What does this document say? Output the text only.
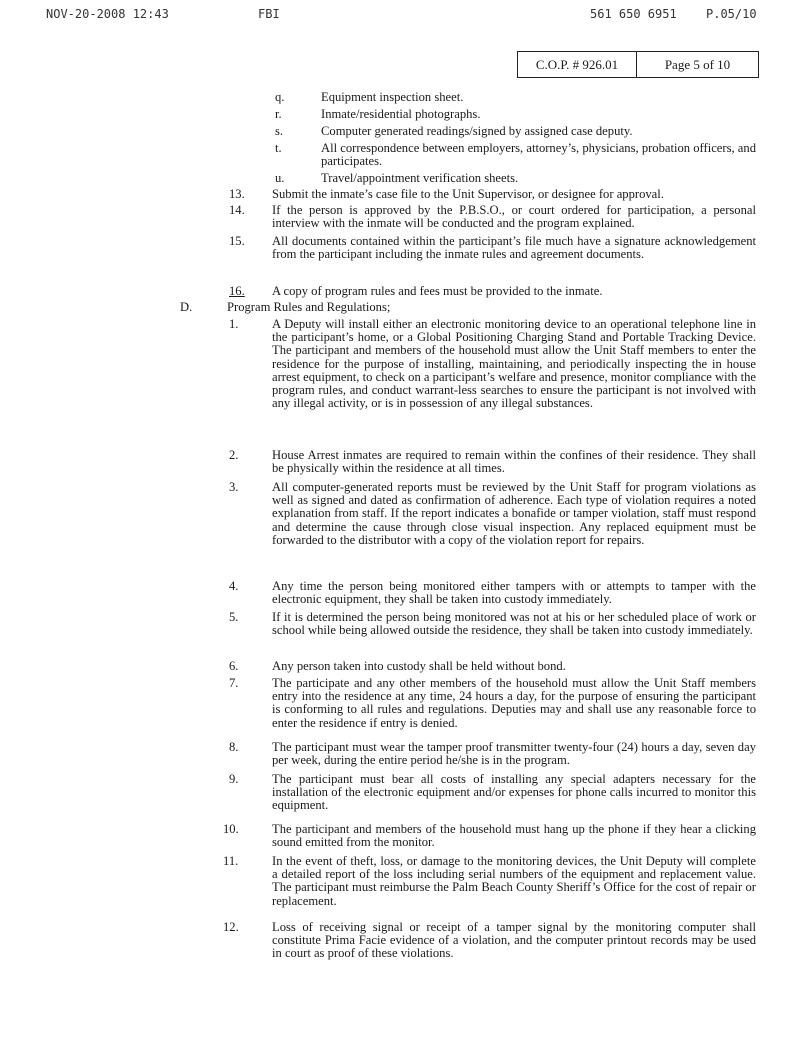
NOV-20-2008 12:43	FBI	561 650 6951 P.05/10
C.O.P. # 926.01	Page 5 of 10
q.	Equipment inspection sheet.
r.	Inmate/residential photographs.
s.	Computer generated readings/signed by assigned case deputy.
t.	All correspondence between employers, attorney’s, physicians, probation officers, and participates.
u.	Travel/appointment verification sheets.
13. Submit the inmate’s case file to the Unit Supervisor, or designee for approval.
14. If the person is approved by the P.B.S.O., or court ordered for participation, a personal interview with the inmate will be conducted and the program explained.
15. All documents contained within the participant’s file much have a signature acknowledgement from the participant including the inmate rules and agreement documents.
16. A copy of program rules and fees must be provided to the inmate.
D.	Program Rules and Regulations;
1.	A Deputy will install either an electronic monitoring device to an operational telephone line in the participant’s home, or a Global Positioning Charging Stand and Portable Tracking Device. The participant and members of the household must allow the Unit Staff members to enter the residence for the purpose of installing, maintaining, and periodically inspecting the in house arrest equipment, to check on a participant’s welfare and presence, monitor compliance with the program rules, and conduct warrant-less searches to ensure the participant is not involved with any illegal activity, or is in possession of any illegal substances.
2.	House Arrest inmates are required to remain within the confines of their residence. They shall be physically within the residence at all times.
3.	All computer-generated reports must be reviewed by the Unit Staff for program violations as well as signed and dated as confirmation of adherence. Each type of violation requires a noted explanation from staff. If the report indicates a bonafide or tamper violation, staff must respond and determine the cause through close visual inspection. Any replaced equipment must be forwarded to the distributor with a copy of the violation report for repairs.
4.	Any time the person being monitored either tampers with or attempts to tamper with the electronic equipment, they shall be taken into custody immediately.
5.	If it is determined the person being monitored was not at his or her scheduled place of work or school while being allowed outside the residence, they shall be taken into custody immediately.
6.	Any person taken into custody shall be held without bond.
7.	The participate and any other members of the household must allow the Unit Staff members entry into the residence at any time, 24 hours a day, for the purpose of ensuring the participant is conforming to all rules and regulations. Deputies may and shall use any reasonable force to enter the residence if entry is denied.
8.	The participant must wear the tamper proof transmitter twenty-four (24) hours a day, seven day per week, during the entire period he/she is in the program.
9.	The participant must bear all costs of installing any special adapters necessary for the installation of the electronic equipment and/or expenses for phone calls incurred to monitor this equipment.
10.	The participant and members of the household must hang up the phone if they hear a clicking sound emitted from the monitor.
11.	In the event of theft, loss, or damage to the monitoring devices, the Unit Deputy will complete a detailed report of the loss including serial numbers of the equipment and replacement value. The participant must reimburse the Palm Beach County Sheriff’s Office for the cost of repair or replacement.
12.	Loss of receiving signal or receipt of a tamper signal by the monitoring computer shall constitute Prima Facie evidence of a violation, and the computer printout records may be used in court as proof of these violations.
